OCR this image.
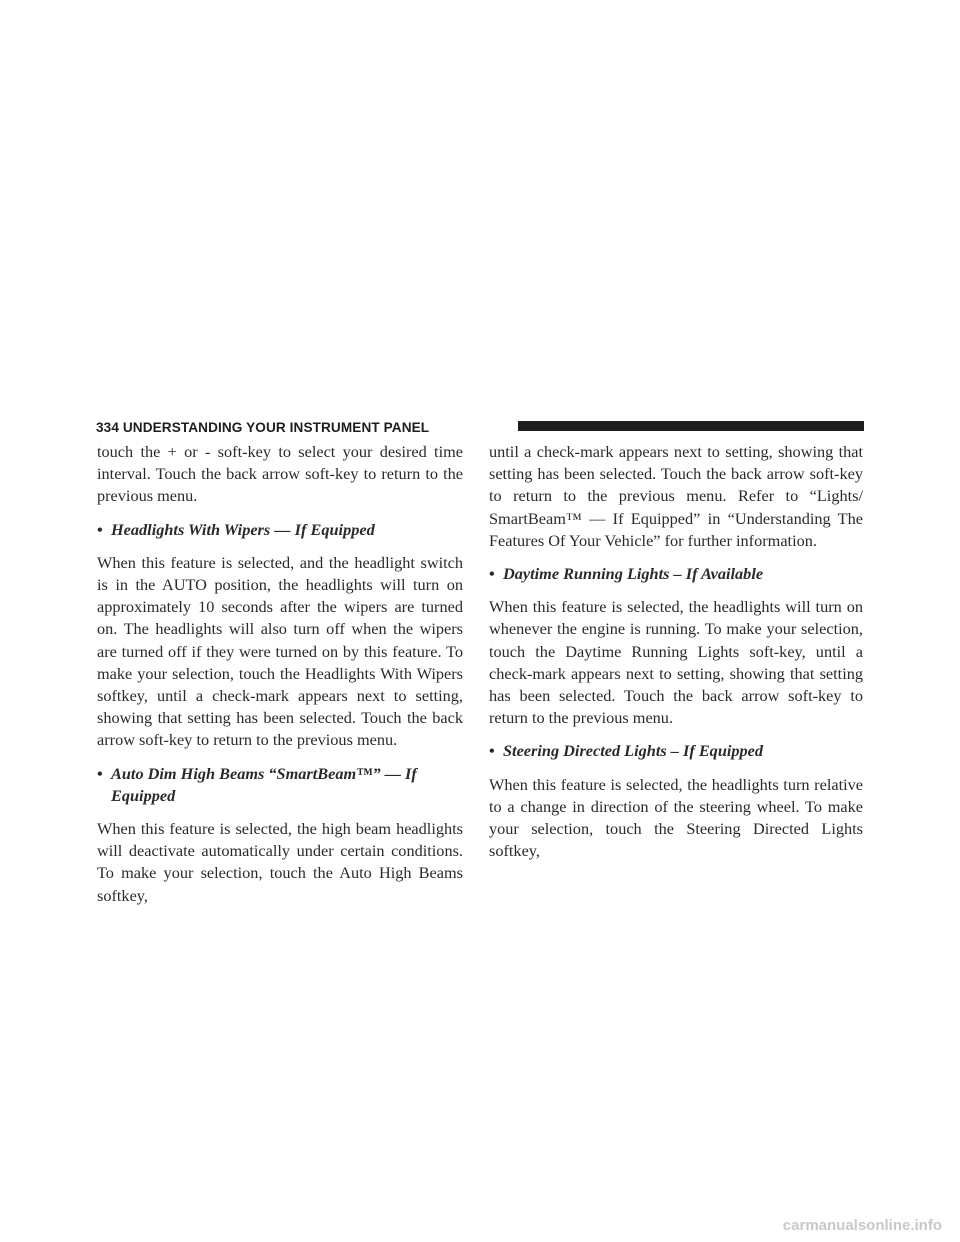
334 UNDERSTANDING YOUR INSTRUMENT PANEL

touch the + or - soft-key to select your desired time interval. Touch the back arrow soft-key to return to the previous menu.

• Headlights With Wipers — If Equipped

When this feature is selected, and the headlight switch is in the AUTO position, the headlights will turn on approximately 10 seconds after the wipers are turned on. The headlights will also turn off when the wipers are turned off if they were turned on by this feature. To make your selection, touch the Headlights With Wipers softkey, until a check-mark appears next to setting, showing that setting has been selected. Touch the back arrow soft-key to return to the previous menu.

• Auto Dim High Beams “SmartBeam™” — If Equipped

When this feature is selected, the high beam headlights will deactivate automatically under certain conditions. To make your selection, touch the Auto High Beams softkey,

until a check-mark appears next to setting, showing that setting has been selected. Touch the back arrow soft-key to return to the previous menu. Refer to “Lights/ SmartBeam™ — If Equipped” in “Understanding The Features Of Your Vehicle” for further information.

• Daytime Running Lights – If Available

When this feature is selected, the headlights will turn on whenever the engine is running. To make your selection, touch the Daytime Running Lights soft-key, until a check-mark appears next to setting, showing that setting has been selected. Touch the back arrow soft-key to return to the previous menu.

• Steering Directed Lights – If Equipped

When this feature is selected, the headlights turn relative to a change in direction of the steering wheel. To make your selection, touch the Steering Directed Lights softkey,

carmanualsonline.info
